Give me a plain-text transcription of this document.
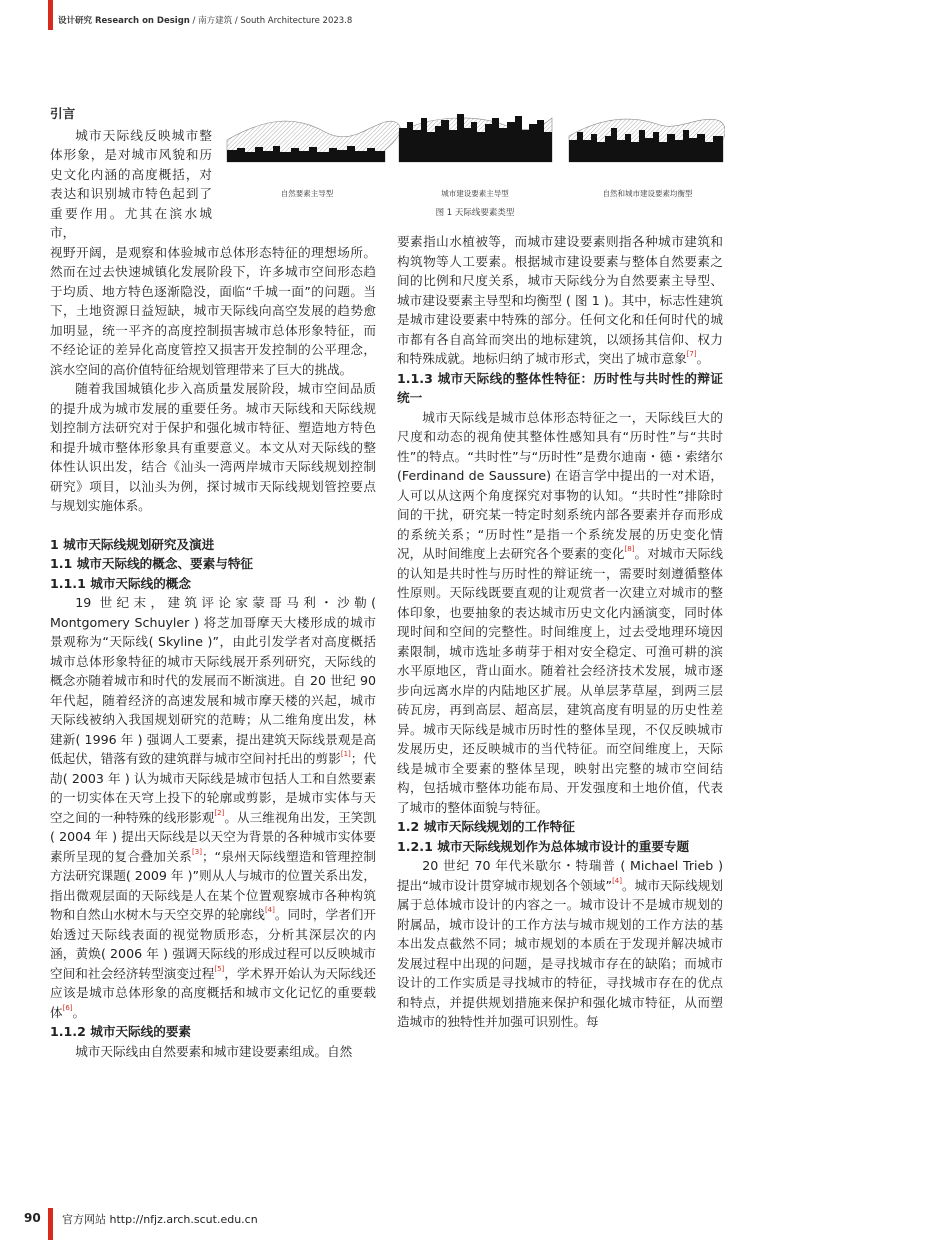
设计研究 Research on Design / 南方建筑 / South Architecture 2023.8
自然要素主导型	城市建设要素主导型	自然和城市建设要素均衡型
图 1 天际线要素类型

引言

城市天际线反映城市整体形象，是对城市风貌和历史文化内涵的高度概括，对表达和识别城市特色起到了重要作用。尤其在滨水城市，

视野开阔，是观察和体验城市总体形态特征的理想场所。然而在过去快速城镇化发展阶段下，许多城市空间形态趋于均质、地方特色逐渐隐没，面临“千城一面”的问题。当下，土地资源日益短缺，城市天际线向高空发展的趋势愈加明显，统一平齐的高度控制损害城市总体形象特征，而不经论证的差异化高度管控又损害开发控制的公平理念，滨水空间的高价值特征给规划管理带来了巨大的挑战。

随着我国城镇化步入高质量发展阶段，城市空间品质的提升成为城市发展的重要任务。城市天际线和天际线规划控制方法研究对于保护和强化城市特征、塑造地方特色和提升城市整体形象具有重要意义。本文从对天际线的整体性认识出发，结合《汕头一湾两岸城市天际线规划控制研究》项目，以汕头为例，探讨城市天际线规划管控要点与规划实施体系。

1 城市天际线规划研究及演进

1.1 城市天际线的概念、要素与特征

1.1.1 城市天际线的概念

19 世纪末，建筑评论家蒙哥马利・沙勒( Montgomery Schuyler ) 将芝加哥摩天大楼形成的城市景观称为“天际线( Skyline )”，由此引发学者对高度概括城市总体形象特征的城市天际线展开系列研究，天际线的概念亦随着城市和时代的发展而不断演进。自 20 世纪 90 年代起，随着经济的高速发展和城市摩天楼的兴起，城市天际线被纳入我国规划研究的范畴；从二维角度出发，林建新( 1996 年 ) 强调人工要素，提出建筑天际线景观是高低起伏，错落有致的建筑群与城市空间衬托出的剪影[1]；代劼( 2003 年 ) 认为城市天际线是城市包括人工和自然要素的一切实体在天穹上投下的轮廓或剪影，是城市实体与天空之间的一种特殊的线形影观[2]。从三维视角出发，王笑凯( 2004 年 ) 提出天际线是以天空为背景的各种城市实体要素所呈现的复合叠加关系[3]；“泉州天际线塑造和管理控制方法研究课题( 2009 年 )”则从人与城市的位置关系出发，指出微观层面的天际线是人在某个位置观察城市各种构筑物和自然山水树木与天空交界的轮廓线[4]。同时，学者们开始透过天际线表面的视觉物质形态，分析其深层次的内涵，黄焕( 2006 年 ) 强调天际线的形成过程可以反映城市空间和社会经济转型演变过程[5]，学术界开始认为天际线还应该是城市总体形象的高度概括和城市文化记忆的重要载体[6]。

1.1.2 城市天际线的要素

城市天际线由自然要素和城市建设要素组成。自然

要素指山水植被等，而城市建设要素则指各种城市建筑和构筑物等人工要素。根据城市建设要素与整体自然要素之间的比例和尺度关系，城市天际线分为自然要素主导型、城市建设要素主导型和均衡型 ( 图 1 )。其中，标志性建筑是城市建设要素中特殊的部分。任何文化和任何时代的城市都有各自高耸而突出的地标建筑，以颂扬其信仰、权力和特殊成就。地标归纳了城市形式，突出了城市意象[7]。

1.1.3 城市天际线的整体性特征：历时性与共时性的辩证统一

城市天际线是城市总体形态特征之一，天际线巨大的尺度和动态的视角使其整体性感知具有“历时性”与“共时性”的特点。“共时性”与“历时性”是费尔迪南・德・索绪尔 (Ferdinand de Saussure) 在语言学中提出的一对术语，人可以从这两个角度探究对事物的认知。“共时性”排除时间的干扰，研究某一特定时刻系统内部各要素并存而形成的系统关系；“历时性”是指一个系统发展的历史变化情况，从时间维度上去研究各个要素的变化[8]。对城市天际线的认知是共时性与历时性的辩证统一，需要时刻遵循整体性原则。天际线既要直观的让观赏者一次建立对城市的整体印象，也要抽象的表达城市历史文化内涵演变，同时体现时间和空间的完整性。时间维度上，过去受地理环境因素限制，城市选址多萌芽于相对安全稳定、可渔可耕的滨水平原地区，背山面水。随着社会经济技术发展，城市逐步向远离水岸的内陆地区扩展。从单层茅草屋，到两三层砖瓦房，再到高层、超高层，建筑高度有明显的历史性差异。城市天际线是城市历时性的整体呈现，不仅反映城市发展历史，还反映城市的当代特征。而空间维度上，天际线是城市全要素的整体呈现，映射出完整的城市空间结构，包括城市整体功能布局、开发强度和土地价值，代表了城市的整体面貌与特征。

1.2 城市天际线规划的工作特征

1.2.1 城市天际线规划作为总体城市设计的重要专题

20 世纪 70 年代米歇尔・特瑞普 ( Michael Trieb ) 提出“城市设计贯穿城市规划各个领域”[4]。城市天际线规划属于总体城市设计的内容之一。城市设计不是城市规划的附属品，城市设计的工作方法与城市规划的工作方法的基本出发点截然不同；城市规划的本质在于发现并解决城市发展过程中出现的问题，是寻找城市存在的缺陷；而城市设计的工作实质是寻找城市的特征，寻找城市存在的优点和特点，并提供规划措施来保护和强化城市特征，从而塑造城市的独特性并加强可识别性。每

90 官方网站 http://nfjz.arch.scut.edu.cn
